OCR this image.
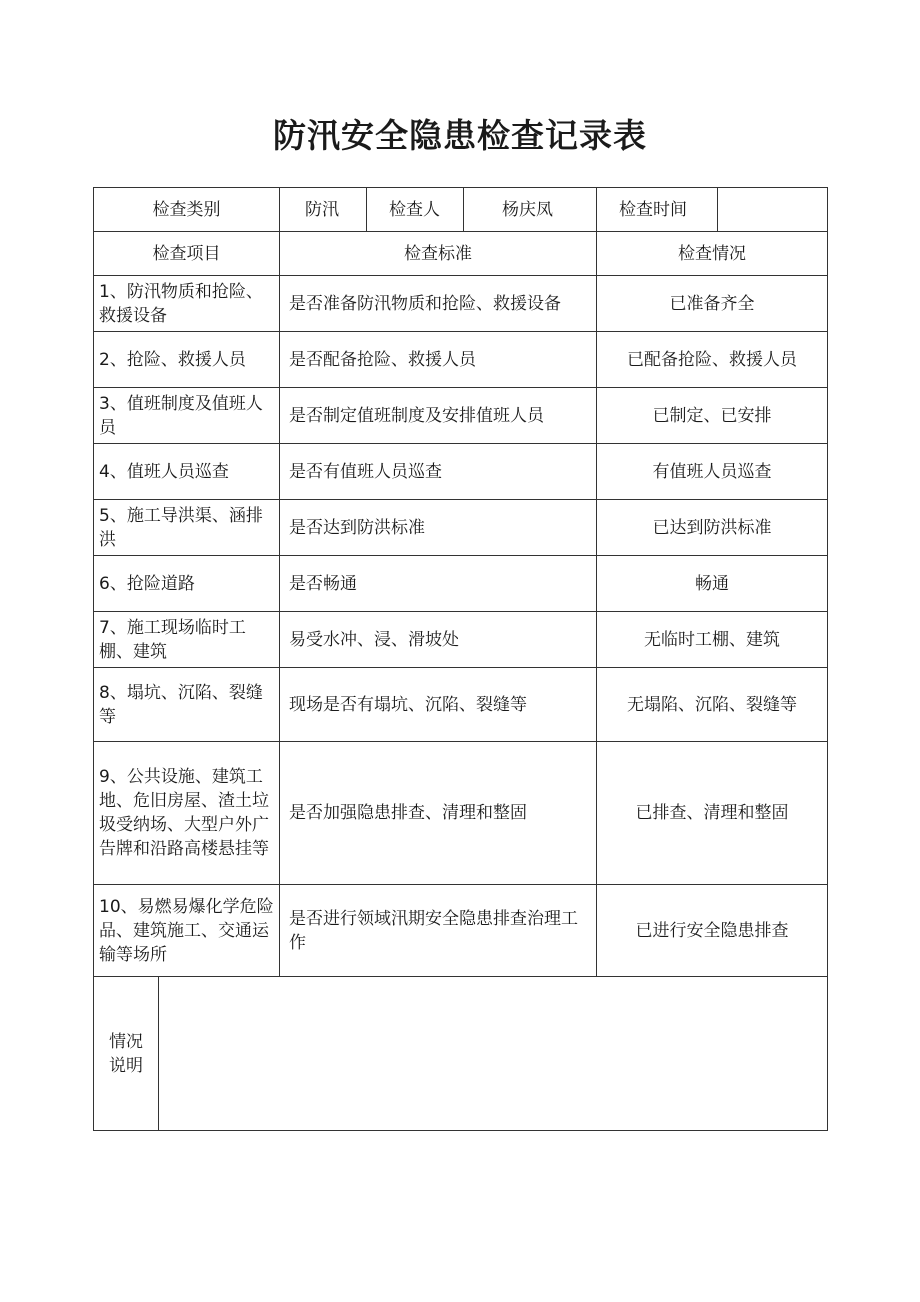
防汛安全隐患检查记录表
检查类别		防汛	检查人	杨庆凤	检查时间	
检查项目		检查标准			检查情况	
1、防汛物质和抢险、救援设备		是否准备防汛物质和抢险、救援设备			已准备齐全	
2、抢险、救援人员		是否配备抢险、救援人员			已配备抢险、救援人员	
3、值班制度及值班人员		是否制定值班制度及安排值班人员			已制定、已安排	
4、值班人员巡查		是否有值班人员巡查			有值班人员巡查	
5、施工导洪渠、涵排洪		是否达到防洪标准			已达到防洪标准	
6、抢险道路		是否畅通			畅通	
7、施工现场临时工棚、建筑		易受水冲、浸、滑坡处			无临时工棚、建筑	
8、塌坑、沉陷、裂缝等		现场是否有塌坑、沉陷、裂缝等			无塌陷、沉陷、裂缝等	
9、公共设施、建筑工地、危旧房屋、渣土垃圾受纳场、大型户外广告牌和沿路高楼悬挂等		是否加强隐患排查、清理和整固			已排查、清理和整固	
10、易燃易爆化学危险品、建筑施工、交通运输等场所		是否进行领域汛期安全隐患排查治理工作			已进行安全隐患排查	
情况说明						
